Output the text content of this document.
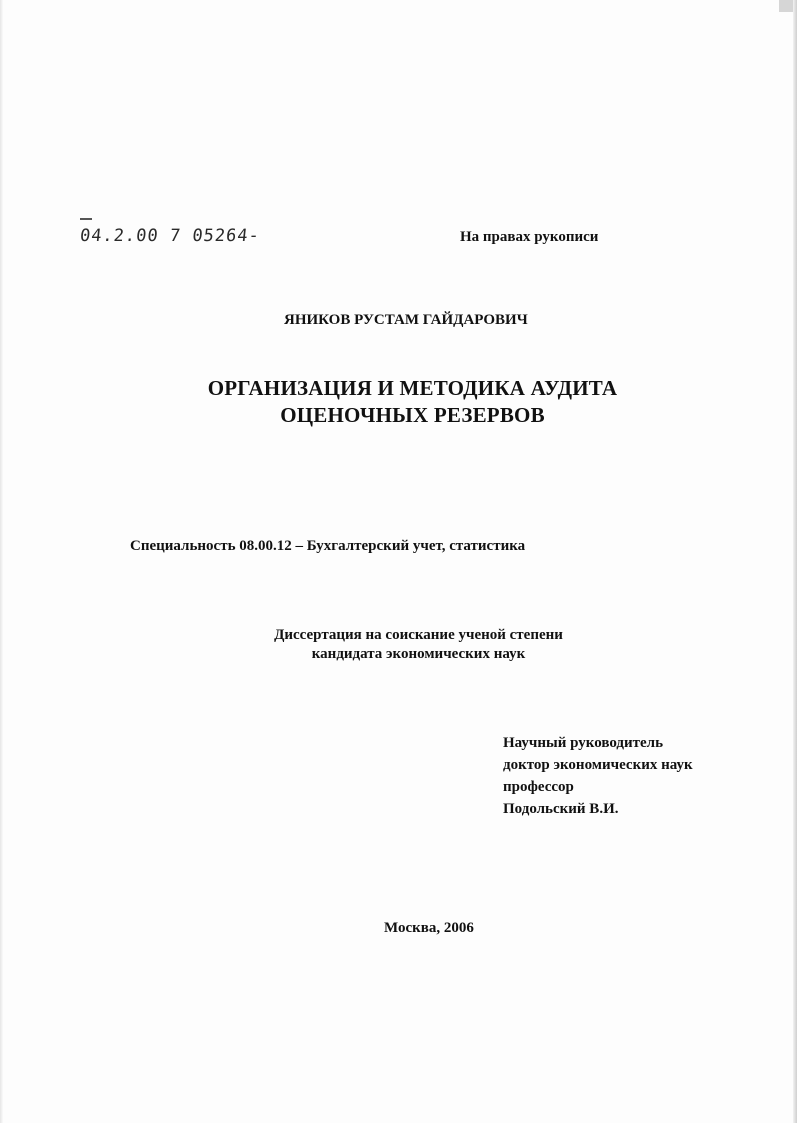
04.2.00 7 05264-	На правах рукописи
ЯНИКОВ РУСТАМ ГАЙДАРОВИЧ
ОРГАНИЗАЦИЯ И МЕТОДИКА АУДИТА
ОЦЕНОЧНЫХ РЕЗЕРВОВ
Специальность 08.00.12 – Бухгалтерский учет, статистика
Диссертация на соискание ученой степени
кандидата экономических наук
Научный руководитель
доктор экономических наук
профессор
Подольский В.И.
Москва, 2006
